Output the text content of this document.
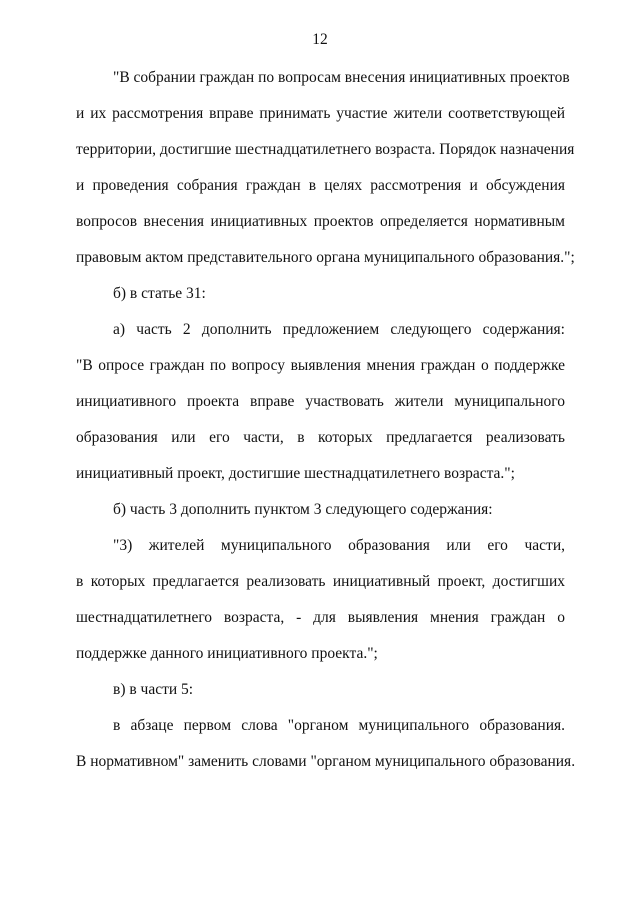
12
"В собрании граждан по вопросам внесения инициативных проектов
и их рассмотрения вправе принимать участие жители соответствующей
территории, достигшие шестнадцатилетнего возраста. Порядок назначения
и проведения собрания граждан в целях рассмотрения и обсуждения
вопросов внесения инициативных проектов определяется нормативным
правовым актом представительного органа муниципального образования.";
б) в статье 31:
а) часть 2 дополнить предложением следующего содержания:
"В опросе граждан по вопросу выявления мнения граждан о поддержке
инициативного проекта вправе участвовать жители муниципального
образования или его части, в которых предлагается реализовать
инициативный проект, достигшие шестнадцатилетнего возраста.";
б) часть 3 дополнить пунктом 3 следующего содержания:
"3) жителей муниципального образования или его части,
в которых предлагается реализовать инициативный проект, достигших
шестнадцатилетнего возраста, - для выявления мнения граждан о
поддержке данного инициативного проекта.";
в) в части 5:
в абзаце первом слова "органом муниципального образования.
В нормативном" заменить словами "органом муниципального образования.
